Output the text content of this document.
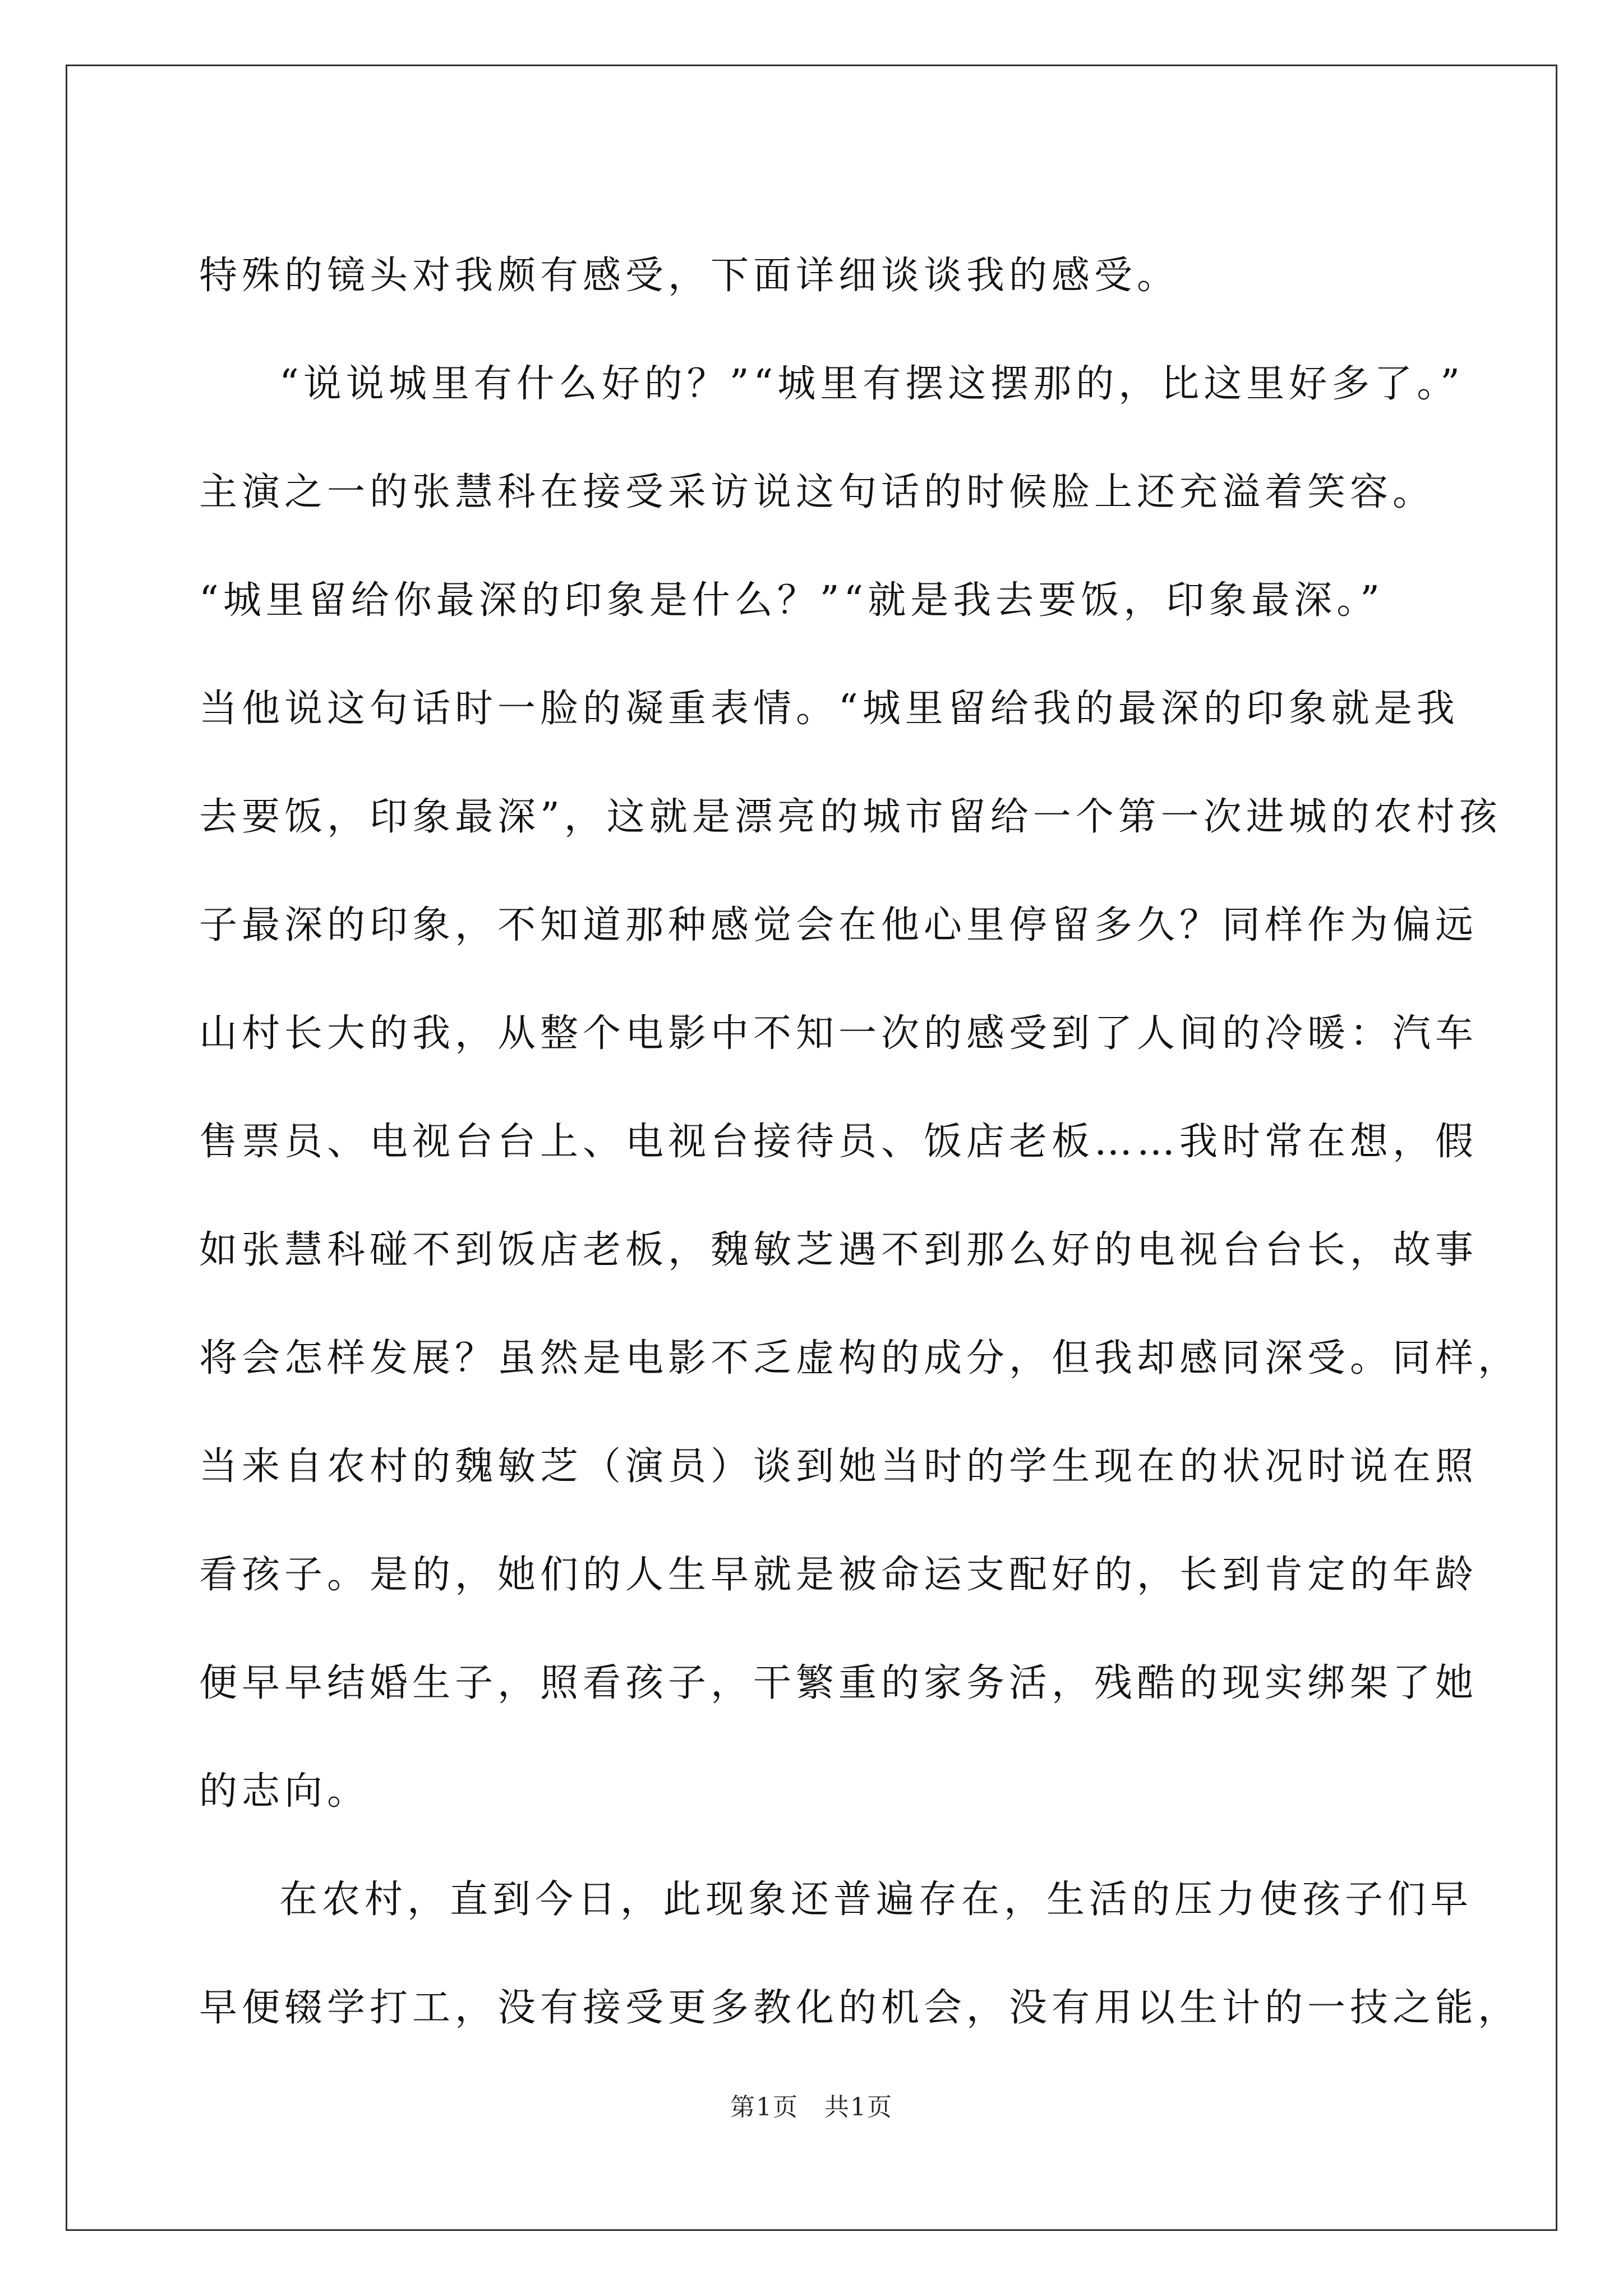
特殊的镜头对我颇有感受，下面详细谈谈我的感受。
“说说城里有什么好的？”“城里有摆这摆那的，比这里好多了。”
主演之一的张慧科在接受采访说这句话的时候脸上还充溢着笑容。
“城里留给你最深的印象是什么？”“就是我去要饭，印象最深。”
当他说这句话时一脸的凝重表情。“城里留给我的最深的印象就是我
去要饭，印象最深”，这就是漂亮的城市留给一个第一次进城的农村孩
子最深的印象，不知道那种感觉会在他心里停留多久？同样作为偏远
山村长大的我，从整个电影中不知一次的感受到了人间的冷暖：汽车
售票员、电视台台上、电视台接待员、饭店老板……我时常在想，假
如张慧科碰不到饭店老板，魏敏芝遇不到那么好的电视台台长，故事
将会怎样发展？虽然是电影不乏虚构的成分，但我却感同深受。同样，
当来自农村的魏敏芝（演员）谈到她当时的学生现在的状况时说在照
看孩子。是的，她们的人生早就是被命运支配好的，长到肯定的年龄
便早早结婚生子，照看孩子，干繁重的家务活，残酷的现实绑架了她
的志向。
在农村，直到今日，此现象还普遍存在，生活的压力使孩子们早
早便辍学打工，没有接受更多教化的机会，没有用以生计的一技之能，
第1页　共1页
